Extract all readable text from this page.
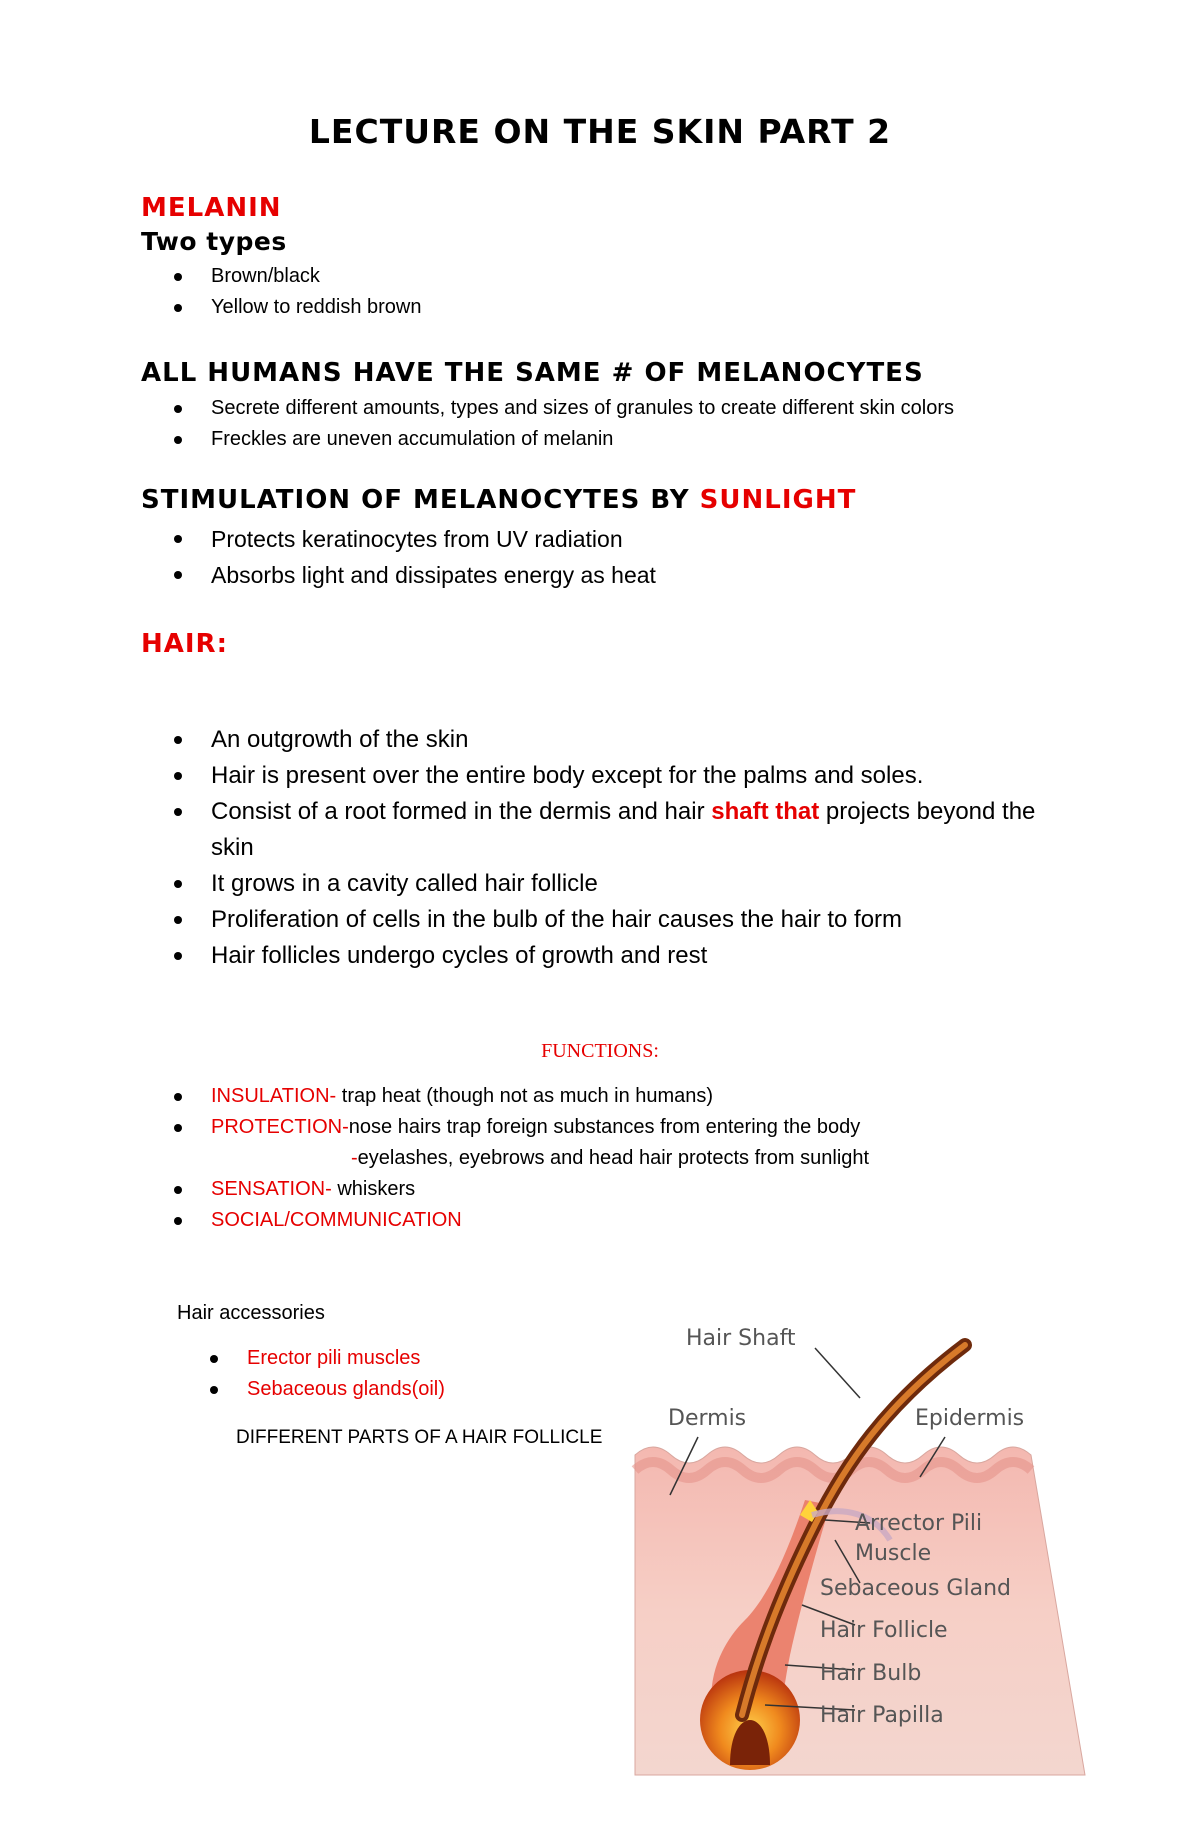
LECTURE ON THE SKIN PART 2
MELANIN
Two types
Brown/black
Yellow to reddish brown
ALL HUMANS HAVE THE SAME # OF MELANOCYTES
Secrete different amounts, types and sizes of granules to create different skin colors
Freckles are uneven accumulation of melanin
STIMULATION OF MELANOCYTES BY SUNLIGHT
Protects keratinocytes from UV radiation
Absorbs light and dissipates energy as heat
HAIR:
An outgrowth of the skin
Hair is present over the entire body except for the palms and soles.
Consist of a root formed in the dermis and hair shaft that projects beyond the skin
It grows in a cavity called hair follicle
Proliferation of cells in the bulb of the hair causes the hair to form
Hair follicles undergo cycles of growth and rest
FUNCTIONS:
INSULATION- trap heat (though not as much in humans)
PROTECTION-nose hairs trap foreign substances from entering the body
-eyelashes, eyebrows and head hair protects from sunlight
SENSATION- whiskers
SOCIAL/COMMUNICATION
Hair accessories
Erector pili muscles
Sebaceous glands(oil)
DIFFERENT PARTS OF A HAIR FOLLICLE
Hair Shaft
Dermis	Epidermis
Arrector Pili
Muscle
Sebaceous Gland
Hair Follicle
Hair Bulb
Hair Papilla
